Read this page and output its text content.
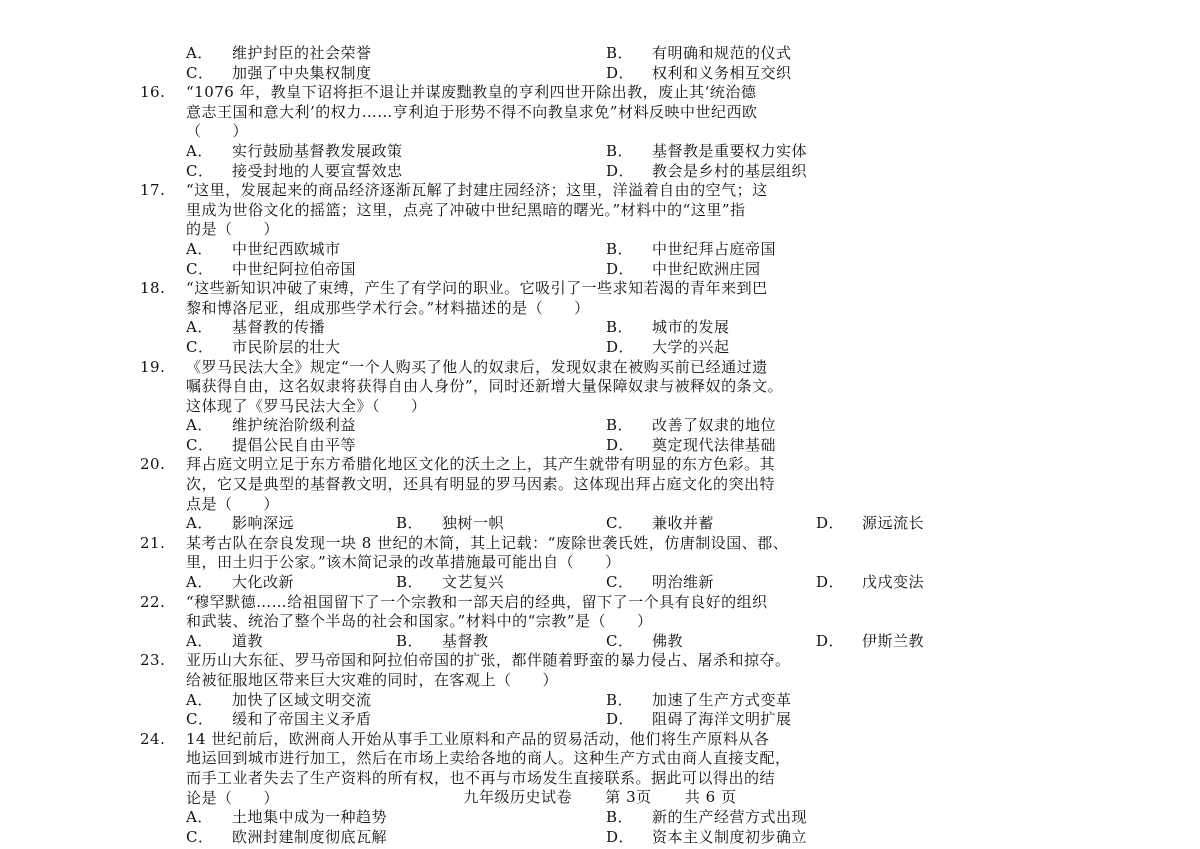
A． 维护封臣的社会荣誉	B． 有明确和规范的仪式
C． 加强了中央集权制度	D． 权利和义务相互交织
16.	“1076 年，教皇下诏将拒不退让并谋废黜教皇的亨利四世开除出教，废止其‘统治德
意志王国和意大利’的权力……亨利迫于形势不得不向教皇求免”材料反映中世纪西欧
（　　）
A． 实行鼓励基督教发展政策	B． 基督教是重要权力实体
C． 接受封地的人要宣誓效忠	D． 教会是乡村的基层组织
17.	“这里，发展起来的商品经济逐渐瓦解了封建庄园经济；这里，洋溢着自由的空气；这
里成为世俗文化的摇篮；这里，点亮了冲破中世纪黑暗的曙光。”材料中的“这里”指
的是（　　）
A． 中世纪西欧城市	B． 中世纪拜占庭帝国
C． 中世纪阿拉伯帝国	D． 中世纪欧洲庄园
18.	“这些新知识冲破了束缚，产生了有学问的职业。它吸引了一些求知若渴的青年来到巴
黎和博洛尼亚，组成那些学术行会。”材料描述的是（　　）
A． 基督教的传播	B． 城市的发展
C． 市民阶层的壮大	D． 大学的兴起
19.	《罗马民法大全》规定“一个人购买了他人的奴隶后，发现奴隶在被购买前已经通过遗
嘱获得自由，这名奴隶将获得自由人身份”，同时还新增大量保障奴隶与被释奴的条文。
这体现了《罗马民法大全》（　　）
A． 维护统治阶级利益	B． 改善了奴隶的地位
C． 提倡公民自由平等	D． 奠定现代法律基础
20.	拜占庭文明立足于东方希腊化地区文化的沃土之上，其产生就带有明显的东方色彩。其
次，它又是典型的基督教文明，还具有明显的罗马因素。这体现出拜占庭文化的突出特
点是（　　）
A． 影响深远	B． 独树一帜	C． 兼收并蓄	D． 源远流长
21.	某考古队在奈良发现一块 8 世纪的木简，其上记载：“废除世袭氏姓，仿唐制设国、郡、
里，田土归于公家。”该木简记录的改革措施最可能出自（　　）
A． 大化改新	B． 文艺复兴	C． 明治维新	D． 戊戌变法
22.	“穆罕默德……给祖国留下了一个宗教和一部天启的经典，留下了一个具有良好的组织
和武装、统治了整个半岛的社会和国家。”材料中的“宗教”是（　　）
A． 道教	B． 基督教	C． 佛教	D． 伊斯兰教
23.	亚历山大东征、罗马帝国和阿拉伯帝国的扩张，都伴随着野蛮的暴力侵占、屠杀和掠夺。
给被征服地区带来巨大灾难的同时，在客观上（　　）
A． 加快了区域文明交流	B． 加速了生产方式变革
C． 缓和了帝国主义矛盾	D． 阻碍了海洋文明扩展
24.	14 世纪前后，欧洲商人开始从事手工业原料和产品的贸易活动，他们将生产原料从各
地运回到城市进行加工，然后在市场上卖给各地的商人。这种生产方式由商人直接支配，
而手工业者失去了生产资料的所有权，也不再与市场发生直接联系。据此可以得出的结
论是（　　）
A． 土地集中成为一种趋势	B． 新的生产经营方式出现
C． 欧洲封建制度彻底瓦解	D． 资本主义制度初步确立
九年级历史试卷 第 3页 共 6 页
